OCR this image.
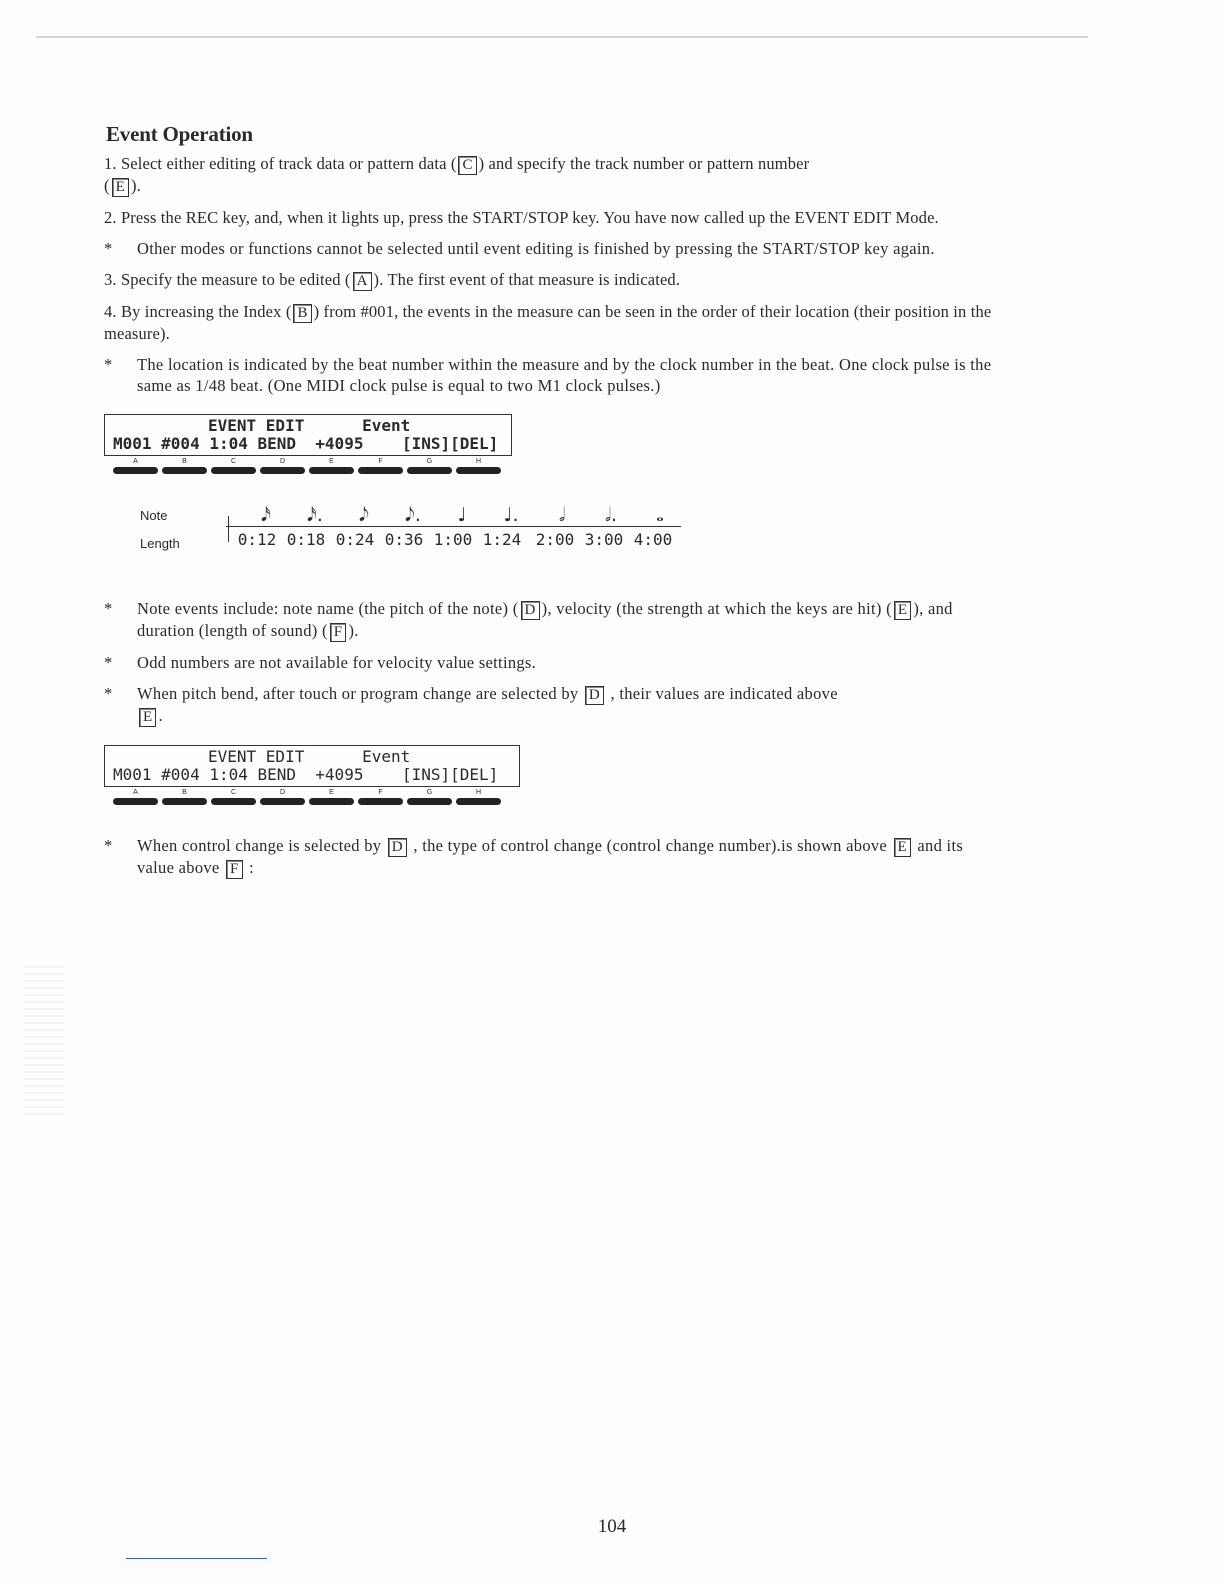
Event Operation

1. Select either editing of track data or pattern data ( C ) and specify the track number or pattern number
( E ).

2. Press the REC key, and, when it lights up, press the START/STOP key. You have now called up the EVENT EDIT Mode.

*	Other modes or functions cannot be selected until event editing is finished by pressing the START/STOP key again.

3. Specify the measure to be edited ( A ). The first event of that measure is indicated.

4. By increasing the Index ( B ) from #001, the events in the measure can be seen in the order of their location (their position in the measure).

*	The location is indicated by the beat number within the measure and by the clock number in the beat. One clock pulse is the same as 1/48 beat. (One MIDI clock pulse is equal to two M1 clock pulses.)
EVENT EDIT      Event
M001 #004 1:04 BEND  +4095    [INS][DEL]
A	B	C	D	E	F	G	H
Note
Length
𝅘𝅥𝅯	𝅘𝅥𝅯.	𝅘𝅥𝅮	𝅘𝅥𝅮.	♩	♩.	𝅗𝅥	𝅗𝅥.	𝅝
0:12 0:18 0:24 0:36 1:00 1:24 2:00 3:00 4:00
*	Note events include: note name (the pitch of the note) ( D ), velocity (the strength at which the keys are hit) ( E ), and duration (length of sound) ( F ).
*	Odd numbers are not available for velocity value settings.
*	When pitch bend, after touch or program change are selected by D , their values are indicated above
E .
EVENT EDIT      Event
M001 #004 1:04 BEND  +4095    [INS][DEL]
A	B	C	D	E	F	G	H
*	When control change is selected by D , the type of control change (control change number).is shown above E and its value above F :
104
